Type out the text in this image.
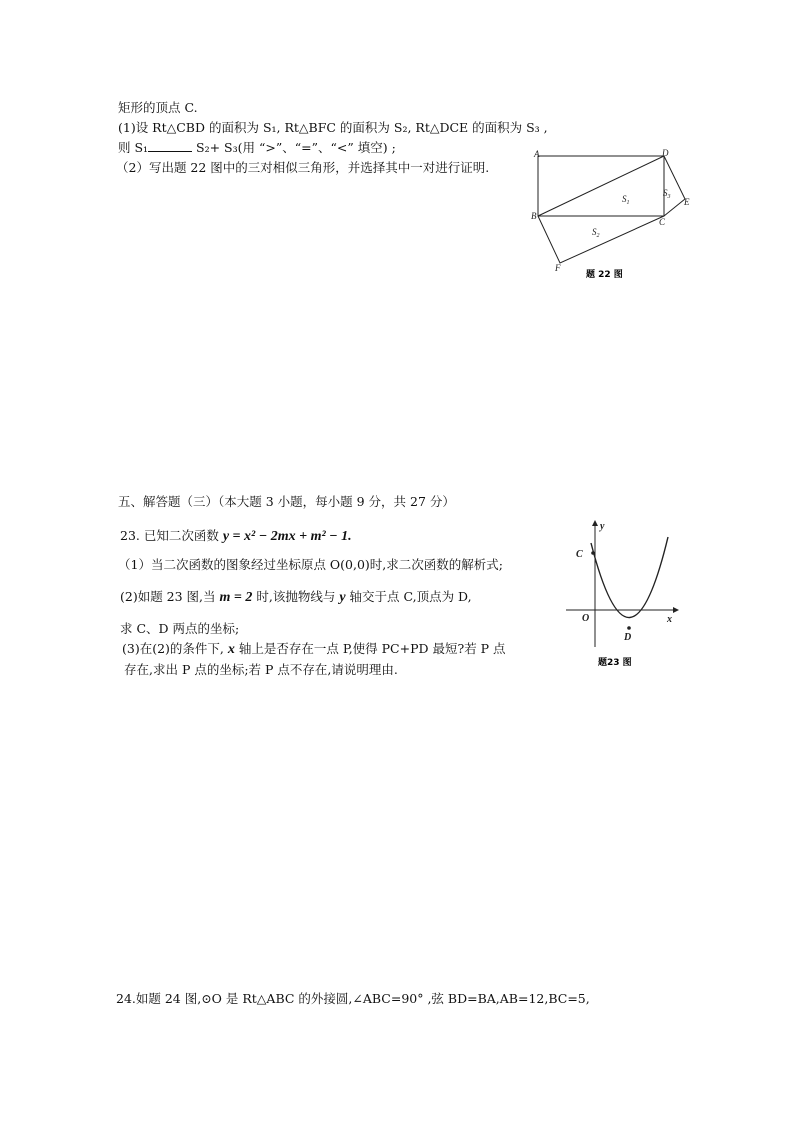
矩形的顶点 C.
(1)设 Rt△CBD 的面积为 S₁, Rt△BFC 的面积为 S₂, Rt△DCE 的面积为 S₃ ,
则 S₁	S₂+ S₃(用 “>”、“=”、“<” 填空) ;
（2）写出题 22 图中的三对相似三角形，并选择其中一对进行证明.
A	D
B
C
E
F
$S_1$
$S_2$
$S_3$
题 22 图
五、解答题（三）（本大题 3 小题，每小题 9 分，共 27 分）
23. 已知二次函数 y = x² − 2mx + m² − 1.
（1）当二次函数的图象经过坐标原点 O(0,0)时,求二次函数的解析式;
(2)如题 23 图,当 m = 2 时,该抛物线与 y 轴交于点 C,顶点为 D,
求 C、D 两点的坐标;
(3)在(2)的条件下, x 轴上是否存在一点 P,使得 PC+PD 最短?若 P 点
存在,求出 P 点的坐标;若 P 点不存在,请说明理由.
y
x
O
C
D
题23 图
24.如题 24 图,⊙O 是 Rt△ABC 的外接圆,∠ABC=90° ,弦 BD=BA,AB=12,BC=5,
